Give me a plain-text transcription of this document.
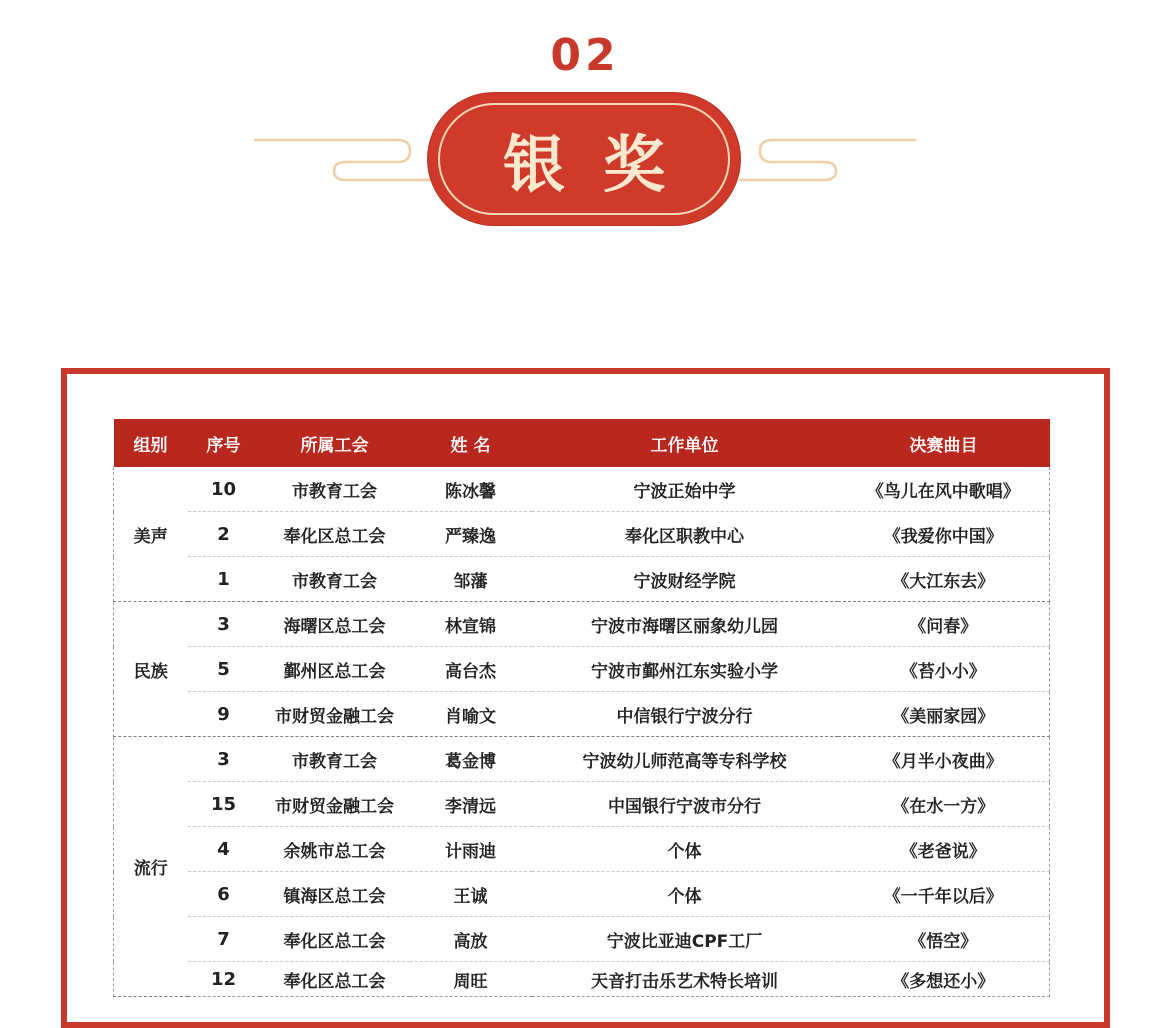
02
银奖
组别	序号	所属工会	姓 名	工作单位	决赛曲目
美声	10	市教育工会	陈冰馨	宁波正始中学	《鸟儿在风中歌唱》
	2	奉化区总工会	严臻逸	奉化区职教中心	《我爱你中国》
	1	市教育工会	邹藩	宁波财经学院	《大江东去》
民族	3	海曙区总工会	林宣锦	宁波市海曙区丽象幼儿园	《问春》
	5	鄞州区总工会	高台杰	宁波市鄞州江东实验小学	《苔小小》
	9	市财贸金融工会	肖喻文	中信银行宁波分行	《美丽家园》
流行	3	市教育工会	葛金博	宁波幼儿师范高等专科学校	《月半小夜曲》
	15	市财贸金融工会	李清远	中国银行宁波市分行	《在水一方》
	4	余姚市总工会	计雨迪	个体	《老爸说》
	6	镇海区总工会	王诚	个体	《一千年以后》
	7	奉化区总工会	高放	宁波比亚迪CPF工厂	《悟空》
	12	奉化区总工会	周旺	天音打击乐艺术特长培训	《多想还小》
